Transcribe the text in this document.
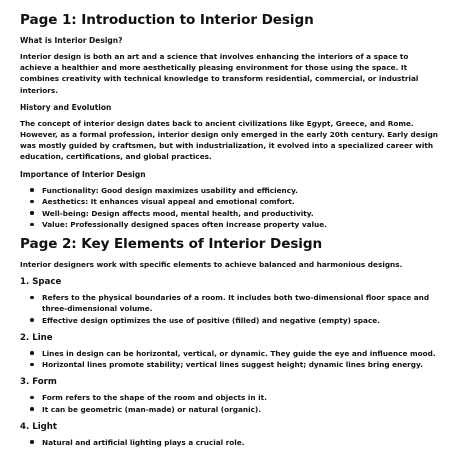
Page 1: Introduction to Interior Design
What is Interior Design?

Interior design is both an art and a science that involves enhancing the interiors of a space to achieve a healthier and more aesthetically pleasing environment for those using the space. It combines creativity with technical knowledge to transform residential, commercial, or industrial interiors.

History and Evolution

The concept of interior design dates back to ancient civilizations like Egypt, Greece, and Rome. However, as a formal profession, interior design only emerged in the early 20th century. Early design was mostly guided by craftsmen, but with industrialization, it evolved into a specialized career with education, certifications, and global practices.

Importance of Interior Design
Functionality: Good design maximizes usability and efficiency.
Aesthetics: It enhances visual appeal and emotional comfort.
Well-being: Design affects mood, mental health, and productivity.
Value: Professionally designed spaces often increase property value.
Page 2: Key Elements of Interior Design

Interior designers work with specific elements to achieve balanced and harmonious designs.

1. Space
Refers to the physical boundaries of a room. It includes both two-dimensional floor space and three-dimensional volume.
Effective design optimizes the use of positive (filled) and negative (empty) space.
2. Line
Lines in design can be horizontal, vertical, or dynamic. They guide the eye and influence mood.
Horizontal lines promote stability; vertical lines suggest height; dynamic lines bring energy.
3. Form
Form refers to the shape of the room and objects in it.
It can be geometric (man-made) or natural (organic).
4. Light
Natural and artificial lighting plays a crucial role.
